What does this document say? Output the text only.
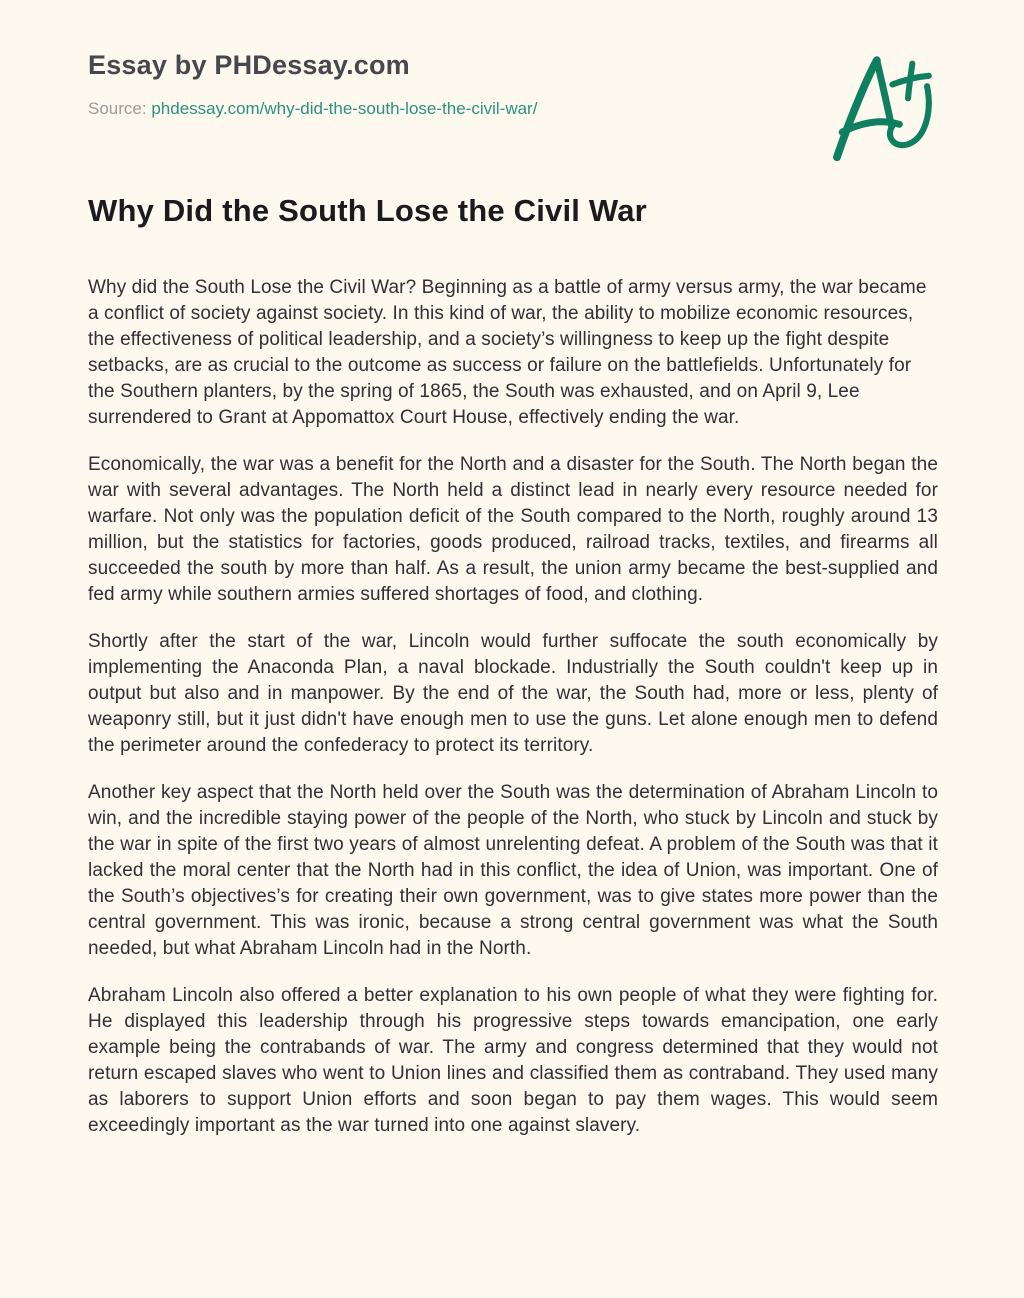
Essay by PHDessay.com

Source: phdessay.com/why-did-the-south-lose-the-civil-war/

Why Did the South Lose the Civil War

Why did the South Lose the Civil War? Beginning as a battle of army versus army, the war became a conflict of society against society. In this kind of war, the ability to mobilize economic resources, the effectiveness of political leadership, and a society’s willingness to keep up the fight despite setbacks, are as crucial to the outcome as success or failure on the battlefields. Unfortunately for the Southern planters, by the spring of 1865, the South was exhausted, and on April 9, Lee surrendered to Grant at Appomattox Court House, effectively ending the war.

Economically, the war was a benefit for the North and a disaster for the South. The North began the war with several advantages. The North held a distinct lead in nearly every resource needed for warfare. Not only was the population deficit of the South compared to the North, roughly around 13 million, but the statistics for factories, goods produced, railroad tracks, textiles, and firearms all succeeded the south by more than half. As a result, the union army became the best-supplied and fed army while southern armies suffered shortages of food, and clothing.

Shortly after the start of the war, Lincoln would further suffocate the south economically by implementing the Anaconda Plan, a naval blockade. Industrially the South couldn't keep up in output but also and in manpower. By the end of the war, the South had, more or less, plenty of weaponry still, but it just didn't have enough men to use the guns. Let alone enough men to defend the perimeter around the confederacy to protect its territory.

Another key aspect that the North held over the South was the determination of Abraham Lincoln to win, and the incredible staying power of the people of the North, who stuck by Lincoln and stuck by the war in spite of the first two years of almost unrelenting defeat. A problem of the South was that it lacked the moral center that the North had in this conflict, the idea of Union, was important. One of the South’s objectives’s for creating their own government, was to give states more power than the central government. This was ironic, because a strong central government was what the South needed, but what Abraham Lincoln had in the North.

Abraham Lincoln also offered a better explanation to his own people of what they were fighting for. He displayed this leadership through his progressive steps towards emancipation, one early example being the contrabands of war. The army and congress determined that they would not return escaped slaves who went to Union lines and classified them as contraband. They used many as laborers to support Union efforts and soon began to pay them wages. This would seem exceedingly important as the war turned into one against slavery.
